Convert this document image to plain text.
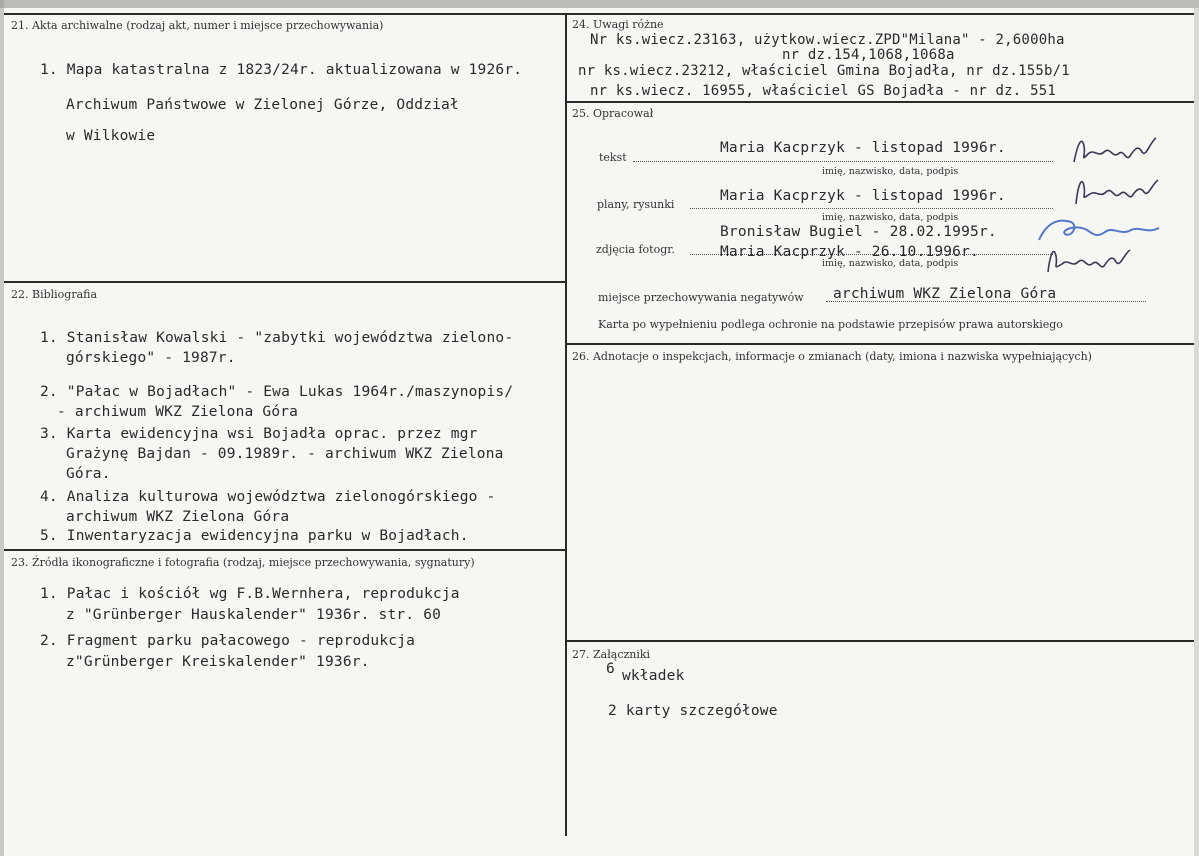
21. Akta archiwalne (rodzaj akt, numer i miejsce przechowywania)
1. Mapa katastralna z 1823/24r. aktualizowana w 1926r.
Archiwum Państwowe w Zielonej Górze, Oddział
w Wilkowie
22. Bibliografia
1. Stanisław Kowalski - "zabytki województwa zielono-
górskiego" - 1987r.
2. "Pałac w Bojadłach" - Ewa Lukas 1964r./maszynopis/
- archiwum WKZ Zielona Góra
3. Karta ewidencyjna wsi Bojadła oprac. przez mgr
Grażynę Bajdan - 09.1989r. - archiwum WKZ Zielona
Góra.
4. Analiza kulturowa województwa zielonogórskiego -
archiwum WKZ Zielona Góra
5. Inwentaryzacja ewidencyjna parku w Bojadłach.
23. Źródła ikonograficzne i fotografia (rodzaj, miejsce przechowywania, sygnatury)
1. Pałac i kościół wg F.B.Wernhera, reprodukcja
z "Grünberger Hauskalender" 1936r. str. 60
2. Fragment parku pałacowego - reprodukcja
z"Grünberger Kreiskalender" 1936r.
24. Uwagi różne
Nr ks.wiecz.23163, użytkow.wiecz.ZPD"Milana" - 2,6000ha
nr dz.154,1068,1068a
nr ks.wiecz.23212, właściciel Gmina Bojadła, nr dz.155b/1
nr ks.wiecz. 16955, właściciel GS Bojadła - nr dz. 551
25. Opracował
tekst
Maria Kacprzyk - listopad 1996r.
imię, nazwisko, data, podpis
plany, rysunki
Maria Kacprzyk - listopad 1996r.
imię, nazwisko, data, podpis
Bronisław Bugiel - 28.02.1995r.
zdjęcia fotogr.	Maria Kacprzyk - 26.10.1996r.
imię, nazwisko, data, podpis
miejsce przechowywania negatywów archiwum WKZ Zielona Góra
Karta po wypełnieniu podlega ochronie na podstawie przepisów prawa autorskiego
26. Adnotacje o inspekcjach, informacje o zmianach (daty, imiona i nazwiska wypełniających)
27. Załączniki
6 wkładek
2 karty szczegółowe
